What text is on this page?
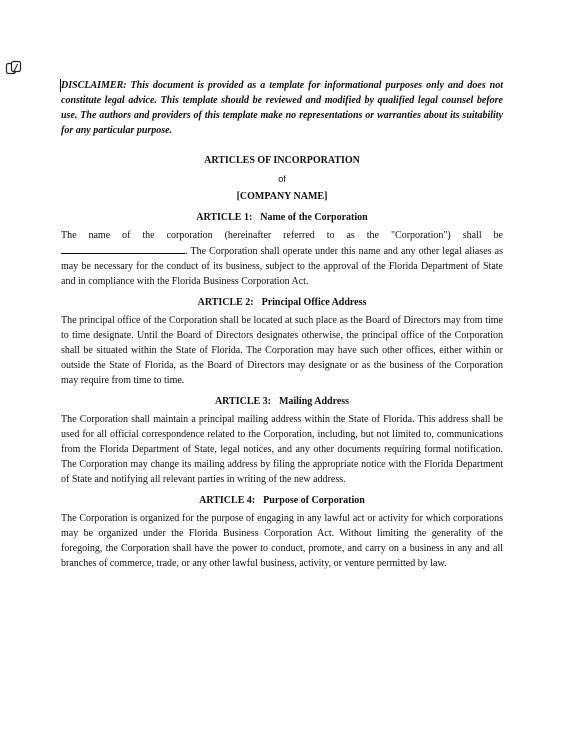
DISCLAIMER: This document is provided as a template for informational purposes only and does not constitute legal advice. This template should be reviewed and modified by qualified legal counsel before use. The authors and providers of this template make no representations or warranties about its suitability for any particular purpose.

ARTICLES OF INCORPORATION
of
[COMPANY NAME]
ARTICLE 1: Name of the Corporation

The name of the corporation (hereinafter referred to as the "Corporation") shall be . The Corporation shall operate under this name and any other legal aliases as may be necessary for the conduct of its business, subject to the approval of the Florida Department of State and in compliance with the Florida Business Corporation Act.

ARTICLE 2: Principal Office Address

The principal office of the Corporation shall be located at such place as the Board of Directors may from time to time designate. Until the Board of Directors designates otherwise, the principal office of the Corporation shall be situated within the State of Florida. The Corporation may have such other offices, either within or outside the State of Florida, as the Board of Directors may designate or as the business of the Corporation may require from time to time.

ARTICLE 3: Mailing Address

The Corporation shall maintain a principal mailing address within the State of Florida. This address shall be used for all official correspondence related to the Corporation, including, but not limited to, communications from the Florida Department of State, legal notices, and any other documents requiring formal notification. The Corporation may change its mailing address by filing the appropriate notice with the Florida Department of State and notifying all relevant parties in writing of the new address.

ARTICLE 4: Purpose of Corporation

The Corporation is organized for the purpose of engaging in any lawful act or activity for which corporations may be organized under the Florida Business Corporation Act. Without limiting the generality of the foregoing, the Corporation shall have the power to conduct, promote, and carry on a business in any and all branches of commerce, trade, or any other lawful business, activity, or venture permitted by law.
